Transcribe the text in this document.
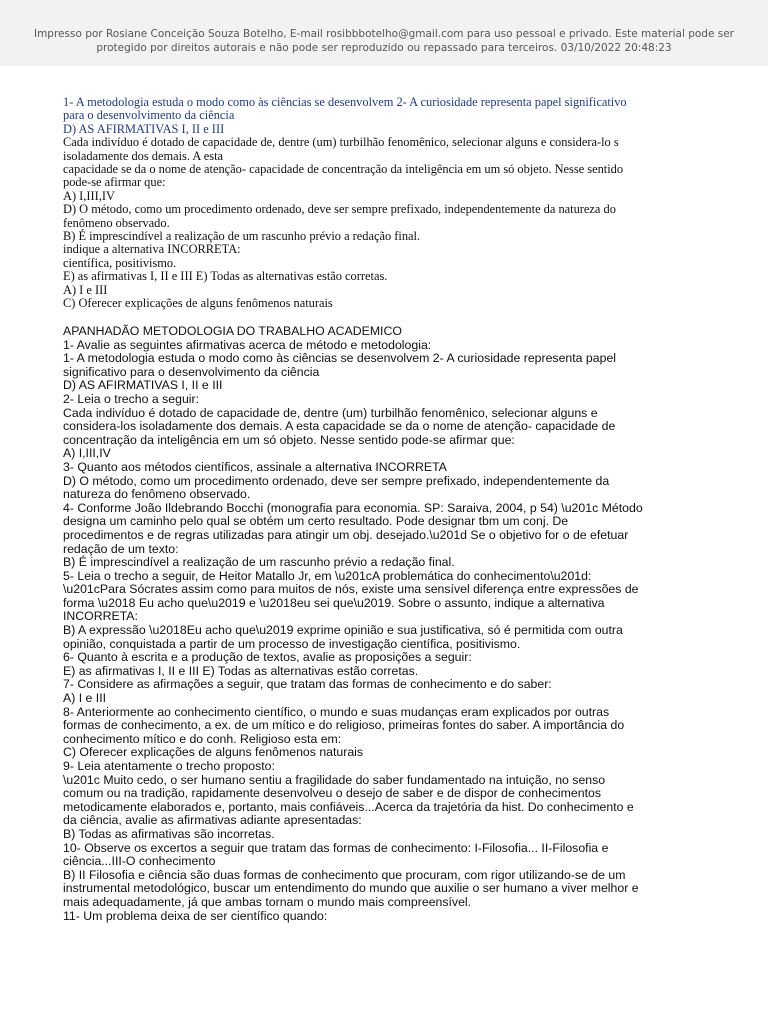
Impresso por Rosiane Conceição Souza Botelho, E-mail rosibbbotelho@gmail.com para uso pessoal e privado. Este material pode ser
protegido por direitos autorais e não pode ser reproduzido ou repassado para terceiros. 03/10/2022 20:48:23
1- A metodologia estuda o modo como às ciências se desenvolvem 2- A curiosidade representa papel significativo
para o desenvolvimento da ciência
D) AS AFIRMATIVAS I, II e III
Cada indivíduo é dotado de capacidade de, dentre (um) turbilhão fenomênico, selecionar alguns e considera-lo s
isoladamente dos demais. A esta
capacidade se da o nome de atenção- capacidade de concentração da inteligência em um só objeto. Nesse sentido
pode-se afirmar que:
A) I,III,IV
D) O método, como um procedimento ordenado, deve ser sempre prefixado, independentemente da natureza do
fenômeno observado.
B) É imprescindível a realização de um rascunho prévio a redação final.
indique a alternativa INCORRETA:
científica, positivismo.
E) as afirmativas I, II e III E) Todas as alternativas estão corretas.
A) I e III
C) Oferecer explicações de alguns fenômenos naturais
APANHADÃO METODOLOGIA DO TRABALHO ACADEMICO
1- Avalie as seguintes afirmativas acerca de método e metodologia:
1- A metodologia estuda o modo como às ciências se desenvolvem 2- A curiosidade representa papel
significativo para o desenvolvimento da ciência
D) AS AFIRMATIVAS I, II e III
2- Leia o trecho a seguir:
Cada indivíduo é dotado de capacidade de, dentre (um) turbilhão fenomênico, selecionar alguns e
considera-los isoladamente dos demais. A esta capacidade se da o nome de atenção- capacidade de
concentração da inteligência em um só objeto. Nesse sentido pode-se afirmar que:
A) I,III,IV
3- Quanto aos métodos científicos, assinale a alternativa INCORRETA
D) O método, como um procedimento ordenado, deve ser sempre prefixado, independentemente da
natureza do fenômeno observado.
4- Conforme João Ildebrando Bocchi (monografia para economia. SP: Saraiva, 2004, p 54) \u201c Método
designa um caminho pelo qual se obtém um certo resultado. Pode designar tbm um conj. De
procedimentos e de regras utilizadas para atingir um obj. desejado.\u201d Se o objetivo for o de efetuar
redação de um texto:
B) É imprescindível a realização de um rascunho prévio a redação final.
5- Leia o trecho a seguir, de Heitor Matallo Jr, em \u201cA problemática do conhecimento\u201d:
\u201cPara Sócrates assim como para muitos de nós, existe uma sensível diferença entre expressões de
forma \u2018 Eu acho que\u2019 e \u2018eu sei que\u2019. Sobre o assunto, indique a alternativa
INCORRETA:
B) A expressão \u2018Eu acho que\u2019 exprime opinião e sua justificativa, só é permitida com outra
opinião, conquistada a partir de um processo de investigação científica, positivismo.
6- Quanto à escrita e a produção de textos, avalie as proposições a seguir:
E) as afirmativas I, II e III E) Todas as alternativas estão corretas.
7- Considere as afirmações a seguir, que tratam das formas de conhecimento e do saber:
A) I e III
8- Anteriormente ao conhecimento científico, o mundo e suas mudanças eram explicados por outras
formas de conhecimento, a ex. de um mítico e do religioso, primeiras fontes do saber. A importância do
conhecimento mítico e do conh. Religioso esta em:
C) Oferecer explicações de alguns fenômenos naturais
9- Leia atentamente o trecho proposto:
\u201c Muito cedo, o ser humano sentiu a fragilidade do saber fundamentado na intuição, no senso
comum ou na tradição, rapidamente desenvolveu o desejo de saber e de dispor de conhecimentos
metodicamente elaborados e, portanto, mais confiáveis...Acerca da trajetória da hist. Do conhecimento e
da ciência, avalie as afirmativas adiante apresentadas:
B) Todas as afirmativas são incorretas.
10- Observe os excertos a seguir que tratam das formas de conhecimento: I-Filosofia... II-Filosofia e
ciência...III-O conhecimento
B) II Filosofia e ciência são duas formas de conhecimento que procuram, com rigor utilizando-se de um
instrumental metodológico, buscar um entendimento do mundo que auxilie o ser humano a viver melhor e
mais adequadamente, já que ambas tornam o mundo mais compreensível.
11- Um problema deixa de ser científico quando:
